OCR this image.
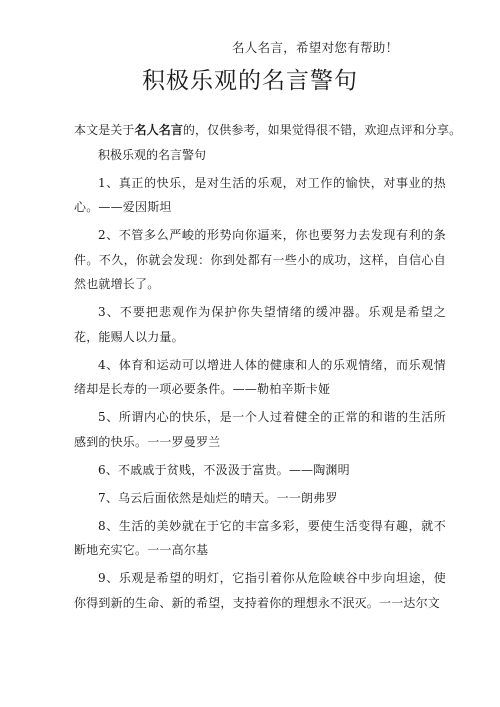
名人名言，希望对您有帮助！
积极乐观的名言警句

本文是关于名人名言的，仅供参考，如果觉得很不错，欢迎点评和分享。

积极乐观的名言警句

1、真正的快乐，是对生活的乐观，对工作的愉快，对事业的热心。——爱因斯坦

2、不管多么严峻的形势向你逼来，你也要努力去发现有利的条件。不久，你就会发现：你到处都有一些小的成功，这样，自信心自然也就增长了。

3、不要把悲观作为保护你失望情绪的缓冲器。乐观是希望之花，能赐人以力量。

4、体育和运动可以增进人体的健康和人的乐观情绪，而乐观情绪却是长寿的一项必要条件。——勒柏辛斯卡娅

5、所谓内心的快乐，是一个人过着健全的正常的和谐的生活所感到的快乐。一一罗曼罗兰

6、不戚戚于贫贱，不汲汲于富贵。——陶渊明

7、乌云后面依然是灿烂的晴天。一一朗弗罗

8、生活的美妙就在于它的丰富多彩，要使生活变得有趣，就不断地充实它。一一高尔基

9、乐观是希望的明灯，它指引着你从危险峡谷中步向坦途，使你得到新的生命、新的希望，支持着你的理想永不泯灭。一一达尔文
